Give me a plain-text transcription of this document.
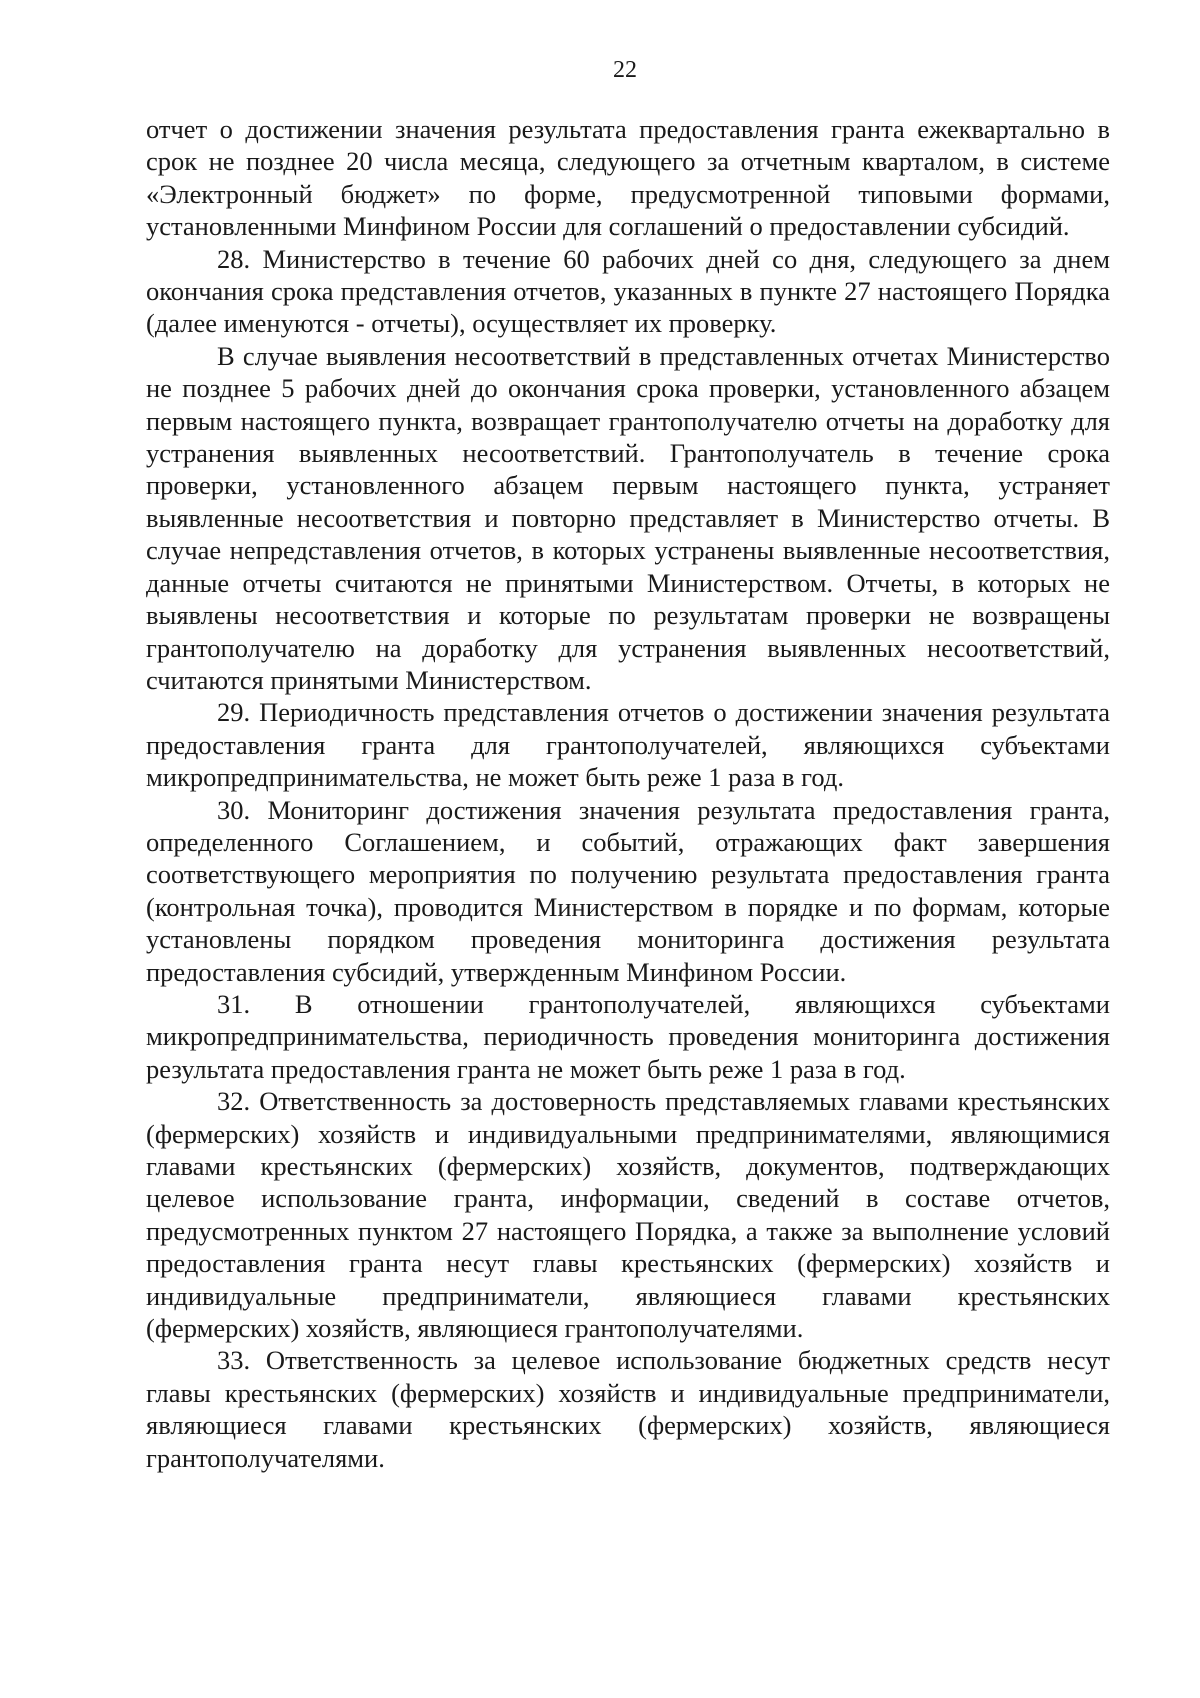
22

отчет о достижении значения результата предоставления гранта ежеквартально в срок не позднее 20 числа месяца, следующего за отчетным кварталом, в системе «Электронный бюджет» по форме, предусмотренной типовыми формами, установленными Минфином России для соглашений о предоставлении субсидий.

28. Министерство в течение 60 рабочих дней со дня, следующего за днем окончания срока представления отчетов, указанных в пункте 27 настоящего Порядка (далее именуются - отчеты), осуществляет их проверку.

В случае выявления несоответствий в представленных отчетах Министерство не позднее 5 рабочих дней до окончания срока проверки, установленного абзацем первым настоящего пункта, возвращает грантополучателю отчеты на доработку для устранения выявленных несоответствий. Грантополучатель в течение срока проверки, установленного абзацем первым настоящего пункта, устраняет выявленные несоответствия и повторно представляет в Министерство отчеты. В случае непредставления отчетов, в которых устранены выявленные несоответствия, данные отчеты считаются не принятыми Министерством. Отчеты, в которых не выявлены несоответствия и которые по результатам проверки не возвращены грантополучателю на доработку для устранения выявленных несоответствий, считаются принятыми Министерством.

29. Периодичность представления отчетов о достижении значения результата предоставления гранта для грантополучателей, являющихся субъектами микропредпринимательства, не может быть реже 1 раза в год.

30. Мониторинг достижения значения результата предоставления гранта, определенного Соглашением, и событий, отражающих факт завершения соответствующего мероприятия по получению результата предоставления гранта (контрольная точка), проводится Министерством в порядке и по формам, которые установлены порядком проведения мониторинга достижения результата предоставления субсидий, утвержденным Минфином России.

31. В отношении грантополучателей, являющихся субъектами микропредпринимательства, периодичность проведения мониторинга достижения результата предоставления гранта не может быть реже 1 раза в год.

32. Ответственность за достоверность представляемых главами крестьянских (фермерских) хозяйств и индивидуальными предпринимателями, являющимися главами крестьянских (фермерских) хозяйств, документов, подтверждающих целевое использование гранта, информации, сведений в составе отчетов, предусмотренных пунктом 27 настоящего Порядка, а также за выполнение условий предоставления гранта несут главы крестьянских (фермерских) хозяйств и индивидуальные предприниматели, являющиеся главами крестьянских (фермерских) хозяйств, являющиеся грантополучателями.

33. Ответственность за целевое использование бюджетных средств несут главы крестьянских (фермерских) хозяйств и индивидуальные предприниматели, являющиеся главами крестьянских (фермерских) хозяйств, являющиеся грантополучателями.
